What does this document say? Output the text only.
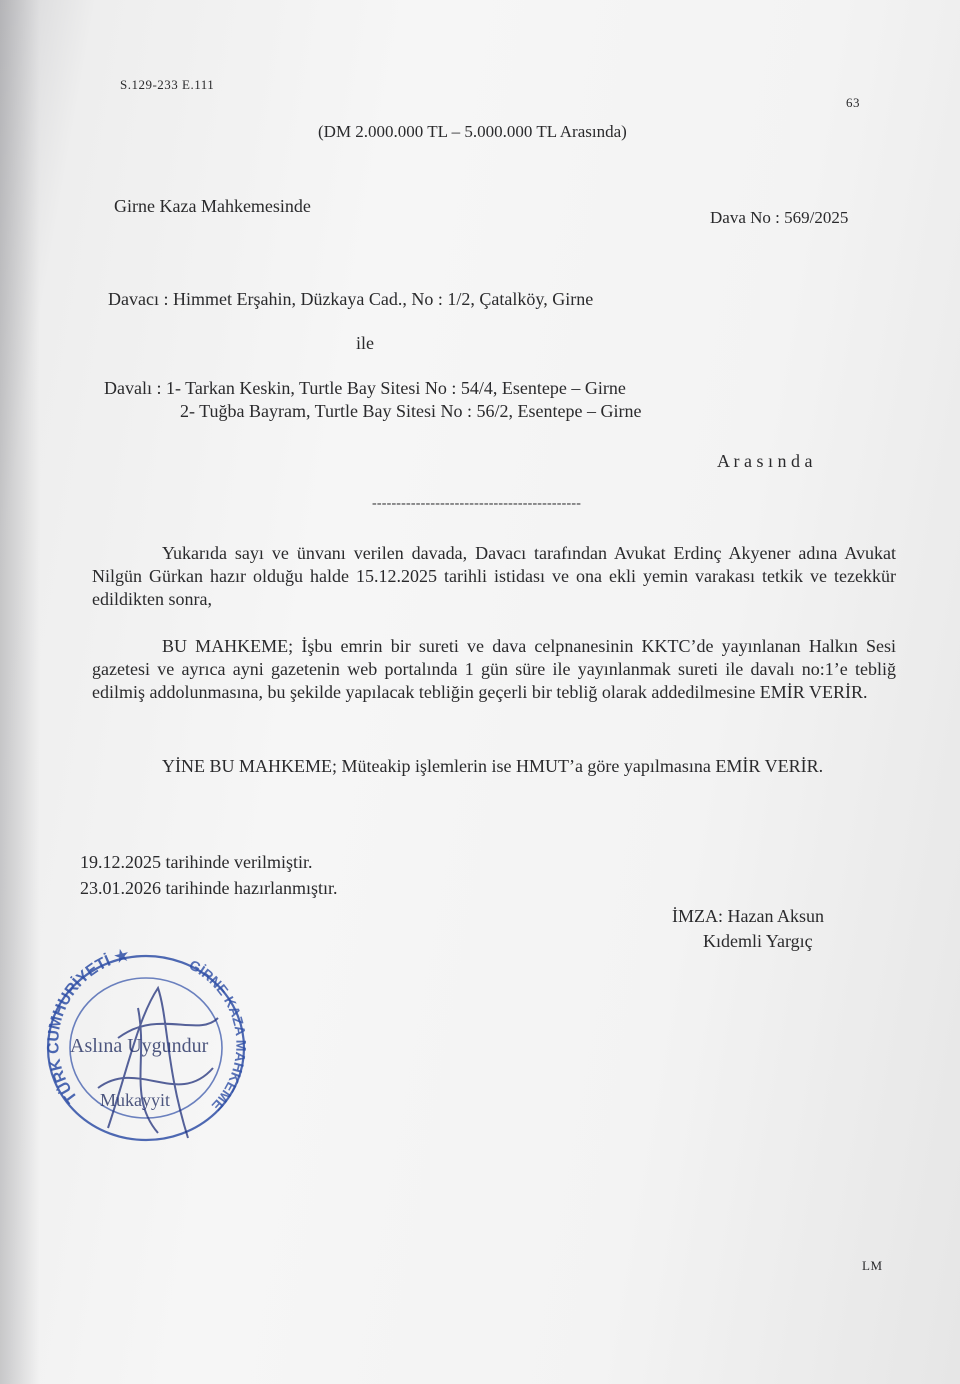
S.129-233 E.111
63
(DM 2.000.000 TL – 5.000.000 TL Arasında)
Girne Kaza Mahkemesinde
Dava No : 569/2025
Davacı : Himmet Erşahin, Düzkaya Cad., No : 1/2, Çatalköy, Girne
ile
Davalı : 1- Tarkan Keskin, Turtle Bay Sitesi No : 54/4, Esentepe – Girne
2- Tuğba Bayram, Turtle Bay Sitesi No : 56/2, Esentepe – Girne
A r a s ı n d a
-------------------------------------------
Yukarıda sayı ve ünvanı verilen davada, Davacı tarafından Avukat Erdinç Akyener adına Avukat Nilgün Gürkan hazır olduğu halde 15.12.2025 tarihli istidası ve ona ekli yemin varakası tetkik ve tezekkür edildikten sonra,
BU MAHKEME; İşbu emrin bir sureti ve dava celpnanesinin KKTC’de yayınlanan Halkın Sesi gazetesi ve ayrıca ayni gazetenin web portalında 1 gün süre ile yayınlanmak sureti ile davalı no:1’e tebliğ edilmiş addolunmasına, bu şekilde yapılacak tebliğin geçerli bir tebliğ olarak addedilmesine EMİR VERİR.
YİNE BU MAHKEME; Müteakip işlemlerin ise HMUT’a göre yapılmasına EMİR VERİR.
19.12.2025 tarihinde verilmiştir.
23.01.2026 tarihinde hazırlanmıştır.
İMZA: Hazan Aksun
Kıdemli Yargıç
TÜRK CUMHURİYETİ ★	GİRNE KAZA MAHKEME
Aslına Uygundur
Mukayyit
LM
